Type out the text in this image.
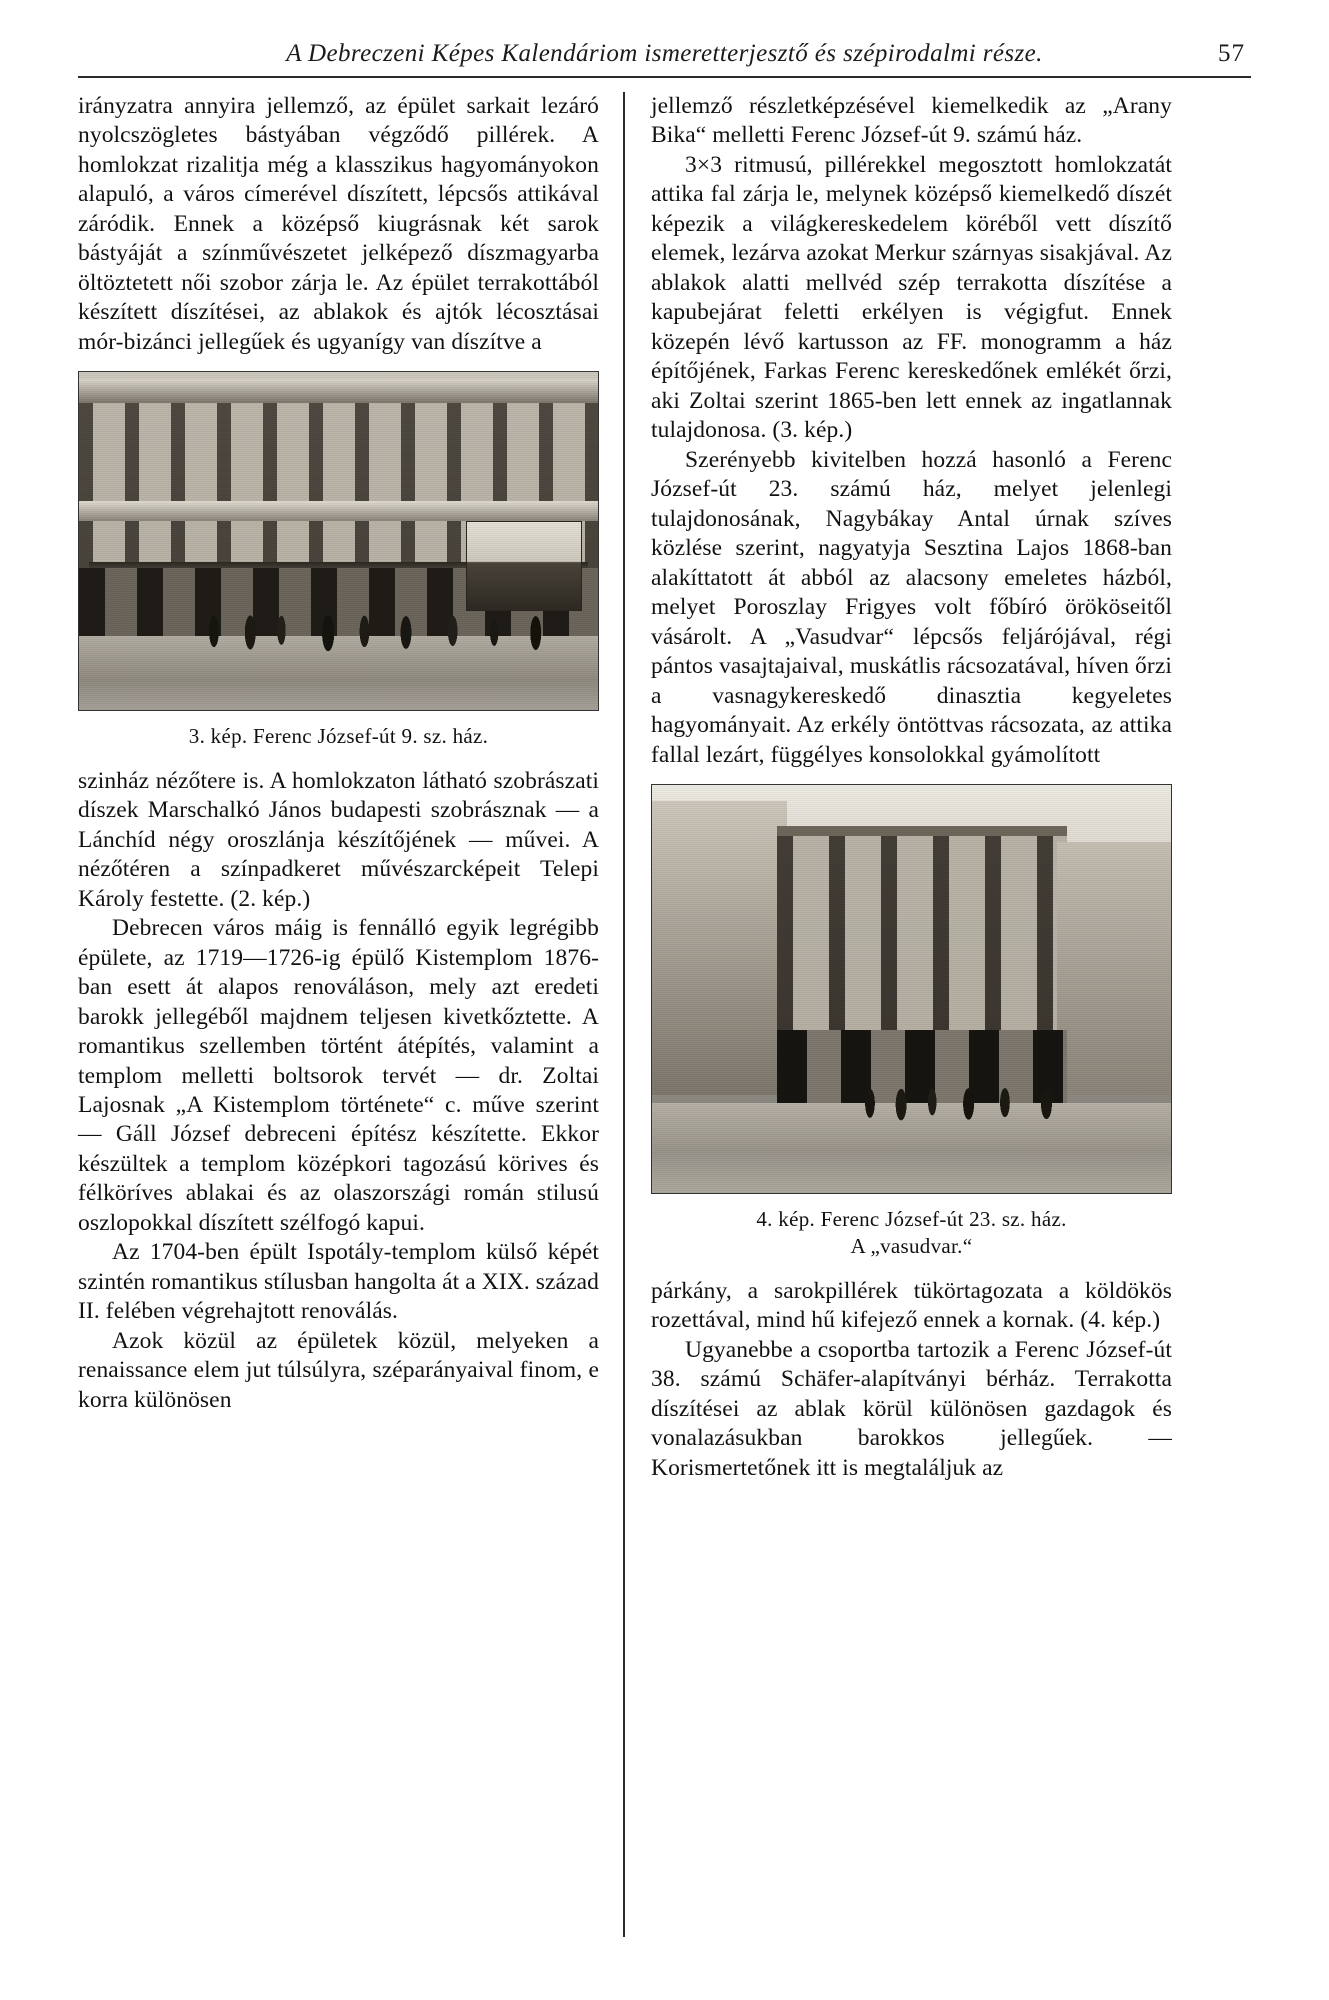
A Debreczeni Képes Kalendáriom ismeretterjesztő és szépirodalmi része.	57

irányzatra annyira jellemző, az épület sarkait lezáró nyolcszögletes bástyában végződő pillérek. A homlokzat rizalitja még a klasszikus hagyományokon alapuló, a város címerével díszített, lépcsős attikával záródik. Ennek a középső kiugrásnak két sarok bástyáját a színművészetet jelképező díszmagyarba öltöztetett női szobor zárja le. Az épület terrakottából készített díszítései, az ablakok és ajtók lécosztásai mór-bizánci jellegűek és ugyanígy van díszítve a

3. kép. Ferenc József-út 9. sz. ház.

szinház nézőtere is. A homlokzaton látható szobrászati díszek Marschalkó János budapesti szobrásznak — a Lánchíd négy oroszlánja készítőjének — művei. A nézőtéren a színpadkeret művészarcképeit Telepi Károly festette. (2. kép.)

Debrecen város máig is fennálló egyik legrégibb épülete, az 1719—1726-ig épülő Kistemplom 1876-ban esett át alapos renováláson, mely azt eredeti barokk jellegéből majdnem teljesen kivetkőztette. A romantikus szellemben történt átépítés, valamint a templom melletti boltsorok tervét — dr. Zoltai Lajosnak „A Kistemplom története“ c. műve szerint — Gáll József debreceni építész készítette. Ekkor készültek a templom középkori tagozású körives és félköríves ablakai és az olaszországi román stilusú oszlopokkal díszített szélfogó kapui.

Az 1704-ben épült Ispotály-templom külső képét szintén romantikus stílusban hangolta át a XIX. század II. felében végrehajtott renoválás.

Azok közül az épületek közül, melyeken a renaissance elem jut túlsúlyra, széparányaival finom, e korra különösen

jellemző részletképzésével kiemelkedik az „Arany Bika“ melletti Ferenc József-út 9. számú ház.

3×3 ritmusú, pillérekkel megosztott homlokzatát attika fal zárja le, melynek középső kiemelkedő díszét képezik a világkereskedelem köréből vett díszítő elemek, lezárva azokat Merkur szárnyas sisakjával. Az ablakok alatti mellvéd szép terrakotta díszítése a kapubejárat feletti erkélyen is végigfut. Ennek közepén lévő kartusson az FF. monogramm a ház építőjének, Farkas Ferenc kereskedőnek emlékét őrzi, aki Zoltai szerint 1865-ben lett ennek az ingatlannak tulajdonosa. (3. kép.)

Szerényebb kivitelben hozzá hasonló a Ferenc József-út 23. számú ház, melyet jelenlegi tulajdonosának, Nagybákay Antal úrnak szíves közlése szerint, nagyatyja Sesztina Lajos 1868-ban alakíttatott át abból az alacsony emeletes házból, melyet Poroszlay Frigyes volt főbíró örököseitől vásárolt. A „Vasudvar“ lépcsős feljárójával, régi pántos vasajtajaival, muskátlis rácsozatával, híven őrzi a vasnagykereskedő dinasztia kegyeletes hagyományait. Az erkély öntöttvas rácsozata, az attika fallal lezárt, függélyes konsolokkal gyámolított

4. kép. Ferenc József-út 23. sz. ház.
A „vasudvar.“

párkány, a sarokpillérek tükörtagozata a köldökös rozettával, mind hű kifejező ennek a kornak. (4. kép.)

Ugyanebbe a csoportba tartozik a Ferenc József-út 38. számú Schäfer-alapítványi bérház. Terrakotta díszítései az ablak körül különösen gazdagok és vonalazásukban barokkos jellegűek. — Korismertetőnek itt is megtaláljuk az
